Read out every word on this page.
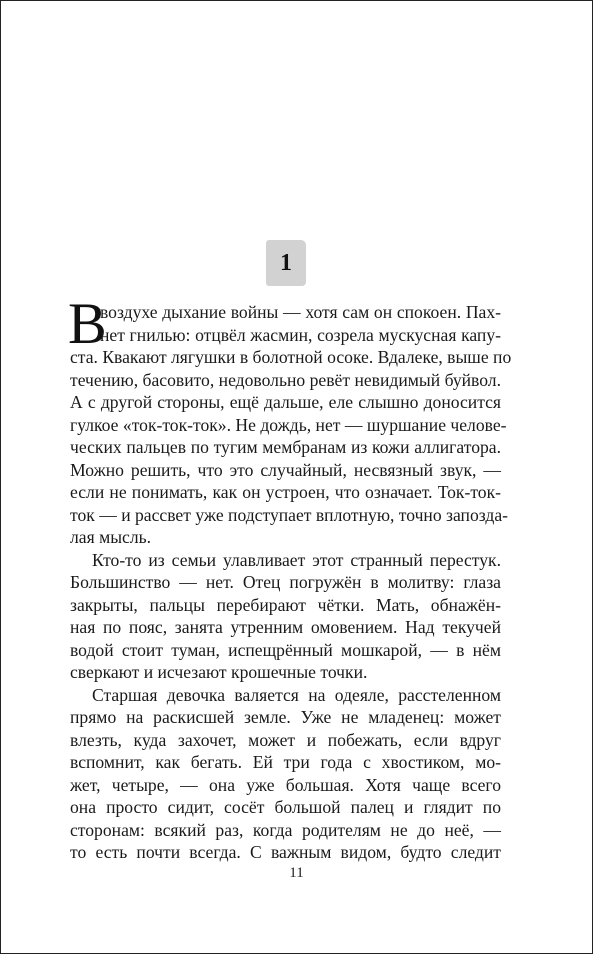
1
В
воздухе дыхание войны — хотя сам он спокоен. Пах-
нет гнилью: отцвёл жасмин, созрела мускусная капу-
ста. Квакают лягушки в болотной осоке. Вдалеке, выше по
течению, басовито, недовольно ревёт невидимый буйвол.
А с другой стороны, ещё дальше, еле слышно доносится
гулкое «ток-ток-ток». Не дождь, нет — шуршание челове-
ческих пальцев по тугим мембранам из кожи аллигатора.
Можно решить, что это случайный, несвязный звук, —
если не понимать, как он устроен, что означает. Ток-ток-
ток — и рассвет уже подступает вплотную, точно запозда-
лая мысль.
Кто-то из семьи улавливает этот странный перестук.
Большинство — нет. Отец погружён в молитву: глаза
закрыты, пальцы перебирают чётки. Мать, обнажён-
ная по пояс, занята утренним омовением. Над текучей
водой стоит туман, испещрённый мошкарой, — в нём
сверкают и исчезают крошечные точки.
Старшая девочка валяется на одеяле, расстеленном
прямо на раскисшей земле. Уже не младенец: может
влезть, куда захочет, может и побежать, если вдруг
вспомнит, как бегать. Ей три года с хвостиком, мо-
жет, четыре, — она уже большая. Хотя чаще всего
она просто сидит, сосёт большой палец и глядит по
сторонам: всякий раз, когда родителям не до неё, —
то есть почти всегда. С важным видом, будто следит
11
